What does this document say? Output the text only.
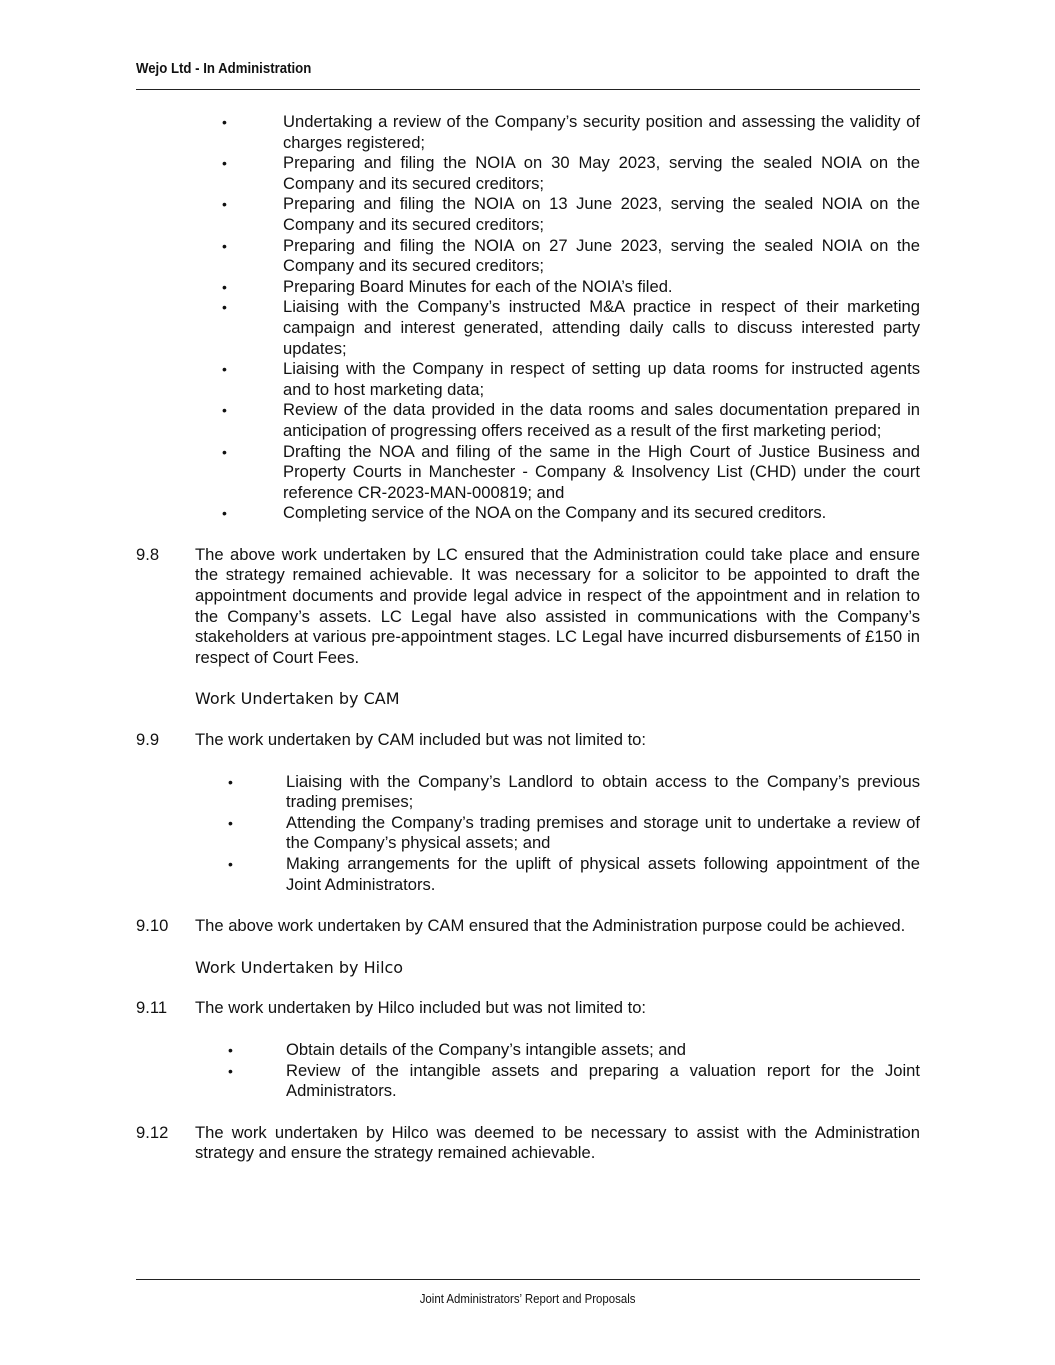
Wejo Ltd - In Administration
•	Undertaking a review of the Company’s security position and assessing the validity of charges registered;
•	Preparing and filing the NOIA on 30 May 2023, serving the sealed NOIA on the Company and its secured creditors;
•	Preparing and filing the NOIA on 13 June 2023, serving the sealed NOIA on the Company and its secured creditors;
•	Preparing and filing the NOIA on 27 June 2023, serving the sealed NOIA on the Company and its secured creditors;
•	Preparing Board Minutes for each of the NOIA’s filed.
•	Liaising with the Company’s instructed M&A practice in respect of their marketing campaign and interest generated, attending daily calls to discuss interested party updates;
•	Liaising with the Company in respect of setting up data rooms for instructed agents and to host marketing data;
•	Review of the data provided in the data rooms and sales documentation prepared in anticipation of progressing offers received as a result of the first marketing period;
•	Drafting the NOA and filing of the same in the High Court of Justice Business and Property Courts in Manchester - Company & Insolvency List (CHD) under the court reference CR-2023-MAN-000819; and
•	Completing service of the NOA on the Company and its secured creditors.
9.8	The above work undertaken by LC ensured that the Administration could take place and ensure the strategy remained achievable. It was necessary for a solicitor to be appointed to draft the appointment documents and provide legal advice in respect of the appointment and in relation to the Company’s assets. LC Legal have also assisted in communications with the Company’s stakeholders at various pre-appointment stages. LC Legal have incurred disbursements of £150 in respect of Court Fees.
Work Undertaken by CAM
9.9	The work undertaken by CAM included but was not limited to:
•	Liaising with the Company’s Landlord to obtain access to the Company’s previous trading premises;
•	Attending the Company’s trading premises and storage unit to undertake a review of the Company’s physical assets; and
•	Making arrangements for the uplift of physical assets following appointment of the Joint Administrators.
9.10	The above work undertaken by CAM ensured that the Administration purpose could be achieved.
Work Undertaken by Hilco
9.11	The work undertaken by Hilco included but was not limited to:
•	Obtain details of the Company’s intangible assets; and
•	Review of the intangible assets and preparing a valuation report for the Joint Administrators.
9.12	The work undertaken by Hilco was deemed to be necessary to assist with the Administration strategy and ensure the strategy remained achievable.
Joint Administrators’ Report and Proposals
